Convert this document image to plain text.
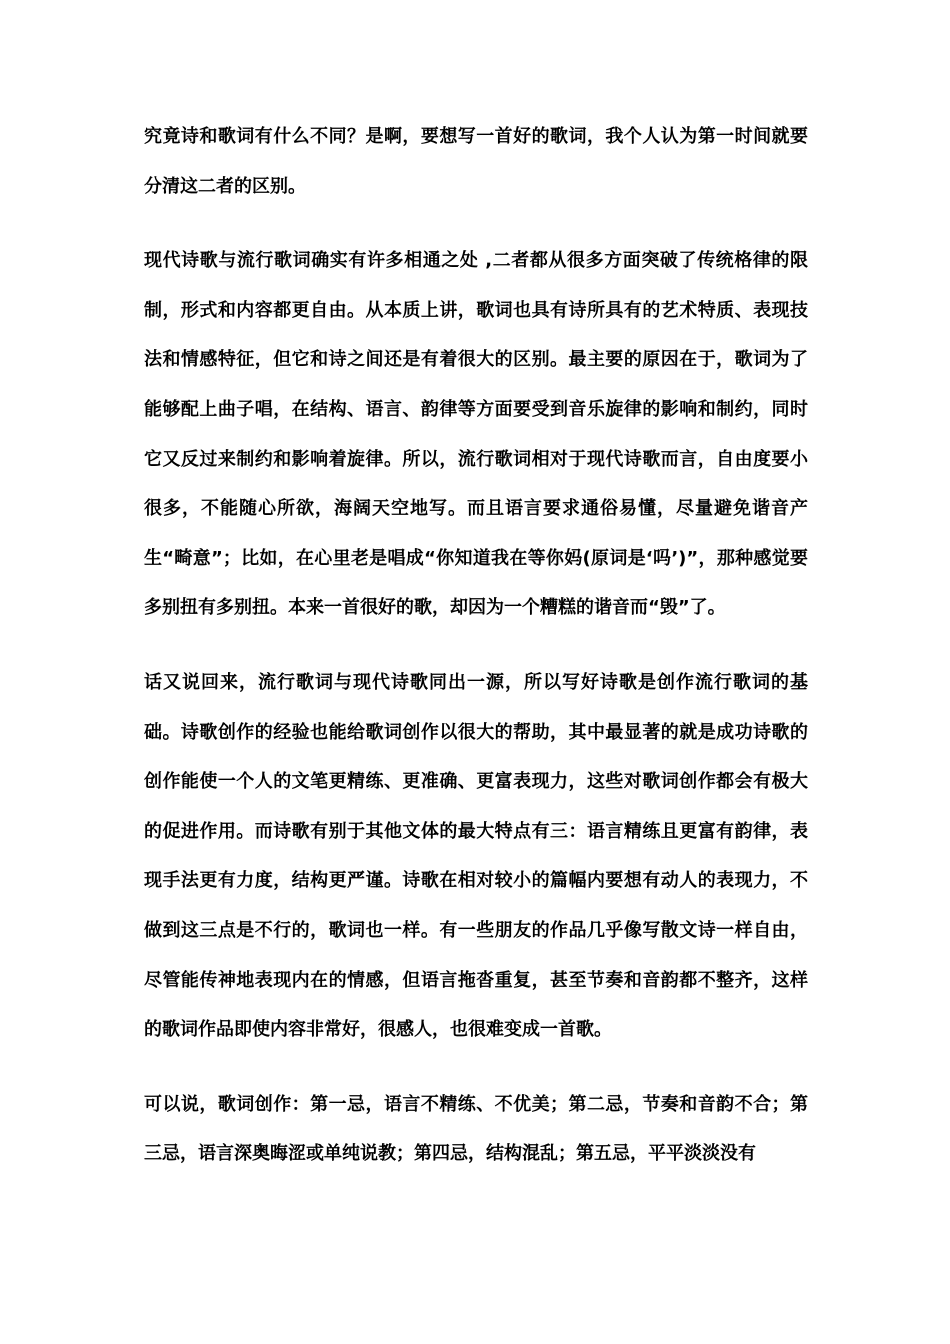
究竟诗和歌词有什么不同？是啊，要想写一首好的歌词，我个人认为第一时间就要分清这二者的区别。

现代诗歌与流行歌词确实有许多相通之处 ,二者都从很多方面突破了传统格律的限制，形式和内容都更自由。从本质上讲，歌词也具有诗所具有的艺术特质、表现技法和情感特征，但它和诗之间还是有着很大的区别。最主要的原因在于，歌词为了能够配上曲子唱，在结构、语言、韵律等方面要受到音乐旋律的影响和制约，同时它又反过来制约和影响着旋律。所以，流行歌词相对于现代诗歌而言，自由度要小很多，不能随心所欲，海阔天空地写。而且语言要求通俗易懂，尽量避免谐音产生“畸意”；比如，在心里老是唱成“你知道我在等你妈(原词是‘吗’)”，那种感觉要多别扭有多别扭。本来一首很好的歌，却因为一个糟糕的谐音而“毁”了。

话又说回来，流行歌词与现代诗歌同出一源，所以写好诗歌是创作流行歌词的基础。诗歌创作的经验也能给歌词创作以很大的帮助，其中最显著的就是成功诗歌的创作能使一个人的文笔更精练、更准确、更富表现力，这些对歌词创作都会有极大的促进作用。而诗歌有别于其他文体的最大特点有三：语言精练且更富有韵律，表现手法更有力度，结构更严谨。诗歌在相对较小的篇幅内要想有动人的表现力，不做到这三点是不行的，歌词也一样。有一些朋友的作品几乎像写散文诗一样自由，尽管能传神地表现内在的情感，但语言拖沓重复，甚至节奏和音韵都不整齐，这样的歌词作品即使内容非常好，很感人，也很难变成一首歌。

可以说，歌词创作：第一忌，语言不精练、不优美；第二忌，节奏和音韵不合；第三忌，语言深奥晦涩或单纯说教；第四忌，结构混乱；第五忌，平平淡淡没有
